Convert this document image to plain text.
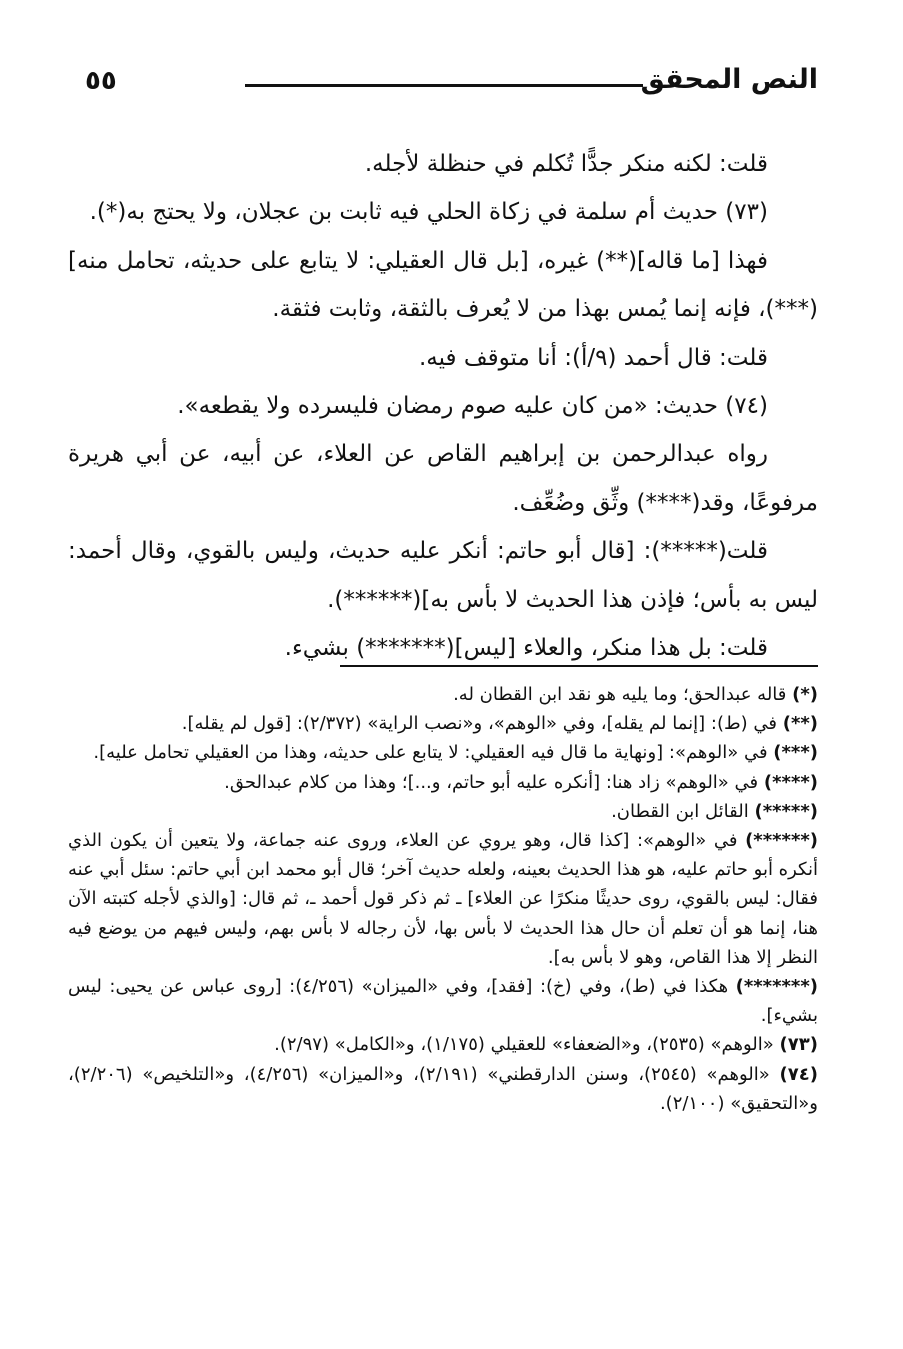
النص المحقق
٥٥

قلت: لكنه منكر جدًّا تُكلم في حنظلة لأجله.

(٧٣) حديث أم سلمة في زكاة الحلي فيه ثابت بن عجلان، ولا يحتج به(*).

فهذا [ما قاله](**) غيره، [بل قال العقيلي: لا يتابع على حديثه، تحامل منه](***)، فإنه إنما يُمس بهذا من لا يُعرف بالثقة، وثابت فثقة.

قلت: قال أحمد (٩/أ): أنا متوقف فيه.

(٧٤) حديث: «من كان عليه صوم رمضان فليسرده ولا يقطعه».

رواه عبدالرحمن بن إبراهيم القاص عن العلاء، عن أبيه، عن أبي هريرة مرفوعًا، وقد(****) وثِّق وضُعِّف.

قلت(*****): [قال أبو حاتم: أنكر عليه حديث، وليس بالقوي، وقال أحمد: ليس به بأس؛ فإذن هذا الحديث لا بأس به](******).

قلت: بل هذا منكر، والعلاء [ليس](*******) بشيء.

(*) قاله عبدالحق؛ وما يليه هو نقد ابن القطان له.

(**) في (ط): [إنما لم يقله]، وفي «الوهم»، و«نصب الراية» (٢/٣٧٢): [قول لم يقله].

(***) في «الوهم»: [ونهاية ما قال فيه العقيلي: لا يتابع على حديثه، وهذا من العقيلي تحامل عليه].

(****) في «الوهم» زاد هنا: [أنكره عليه أبو حاتم، و...]؛ وهذا من كلام عبدالحق.

(*****) القائل ابن القطان.

(******) في «الوهم»: [كذا قال، وهو يروي عن العلاء، وروى عنه جماعة، ولا يتعين أن يكون الذي أنكره أبو حاتم عليه، هو هذا الحديث بعينه، ولعله حديث آخر؛ قال أبو محمد ابن أبي حاتم: سئل أبي عنه فقال: ليس بالقوي، روى حديثًا منكرًا عن العلاء] ـ ثم ذكر قول أحمد ـ، ثم قال: [والذي لأجله كتبته الآن هنا، إنما هو أن تعلم أن حال هذا الحديث لا بأس بها، لأن رجاله لا بأس بهم، وليس فيهم من يوضع فيه النظر إلا هذا القاص، وهو لا بأس به].

(*******) هكذا في (ط)، وفي (خ): [فقد]، وفي «الميزان» (٤/٢٥٦): [روى عباس عن يحيى: ليس بشيء].

(٧٣) «الوهم» (٢٥٣٥)، و«الضعفاء» للعقيلي (١/١٧٥)، و«الكامل» (٢/٩٧).

(٧٤) «الوهم» (٢٥٤٥)، وسنن الدارقطني» (٢/١٩١)، و«الميزان» (٤/٢٥٦)، و«التلخيص» (٢/٢٠٦)، و«التحقيق» (٢/١٠٠).
